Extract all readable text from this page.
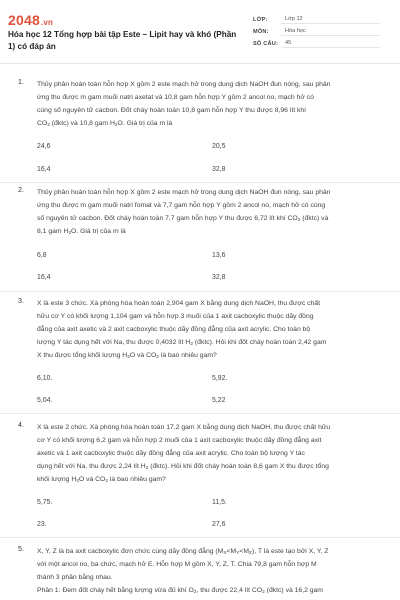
2048.vn
Hóa học 12 Tổng hợp bài tập Este – Lipit hay và khó (Phần 1) có đáp án
LỚP:	Lớp 12
MÔN:	Hóa học
SỐ CÂU:	45
1. Thủy phân hoàn toàn hỗn hợp X gồm 2 este mạch hở trong dung dịch NaOH đun nóng, sau phản
ứng thu được m gam muối natri axetat và 10,8 gam hỗn hợp Y gồm 2 ancol no, mạch hở có
cùng số nguyên tử cacbon. Đốt cháy hoàn toàn 10,8 gam hỗn hợp Y thu được 8,96 lít khí
$CO_2$ (đktc) và 10,8 gam $H_2O$. Giá trị của m là
24,6	20,5
16,4	32,8
2. Thủy phân hoàn toàn hỗn hợp X gồm 2 este mạch hở trong dung dịch NaOH đun nóng, sau phản
ứng thu được m gam muối natri fomat và 7,7 gam hỗn hợp Y gồm 2 ancol no, mạch hở có cùng
số nguyên tử cacbon. Đốt cháy hoàn toàn 7,7 gam hỗn hợp Y thu được 6,72 lít khí $CO_2$ (đktc) và
8,1 gam $H_2O$. Giá trị của m là
6,8	13,6
16,4	32,8
3. X là este 3 chức. Xà phòng hóa hoàn toàn 2,904 gam X bằng dung dịch NaOH, thu được chất
hữu cơ Y có khối lượng 1,104 gam và hỗn hợp 3 muối của 1 axit cacboxylic thuộc dãy đồng
đẳng của axit axetic và 2 axit cacboxylic thuộc dãy đồng đẳng của axit acrylic. Cho toàn bộ
lượng Y tác dụng hết với Na, thu được 0,4032 lít $H_2$ (đktc). Hỏi khi đốt cháy hoàn toàn 2,42 gam
X thu được tổng khối lượng $H_2O$ và $CO_2$ là bao nhiêu gam?
6,10.	5,92.
5,04.	5,22
4. X là este 2 chức. Xà phòng hóa hoàn toàn 17,2 gam X bằng dung dịch NaOH, thu được chất hữu
cơ Y có khối lượng 6,2 gam và hỗn hợp 2 muối của 1 axit cacboxylic thuộc dãy đồng đẳng axit
axetic và 1 axit cacboxylic thuộc dãy đồng đẳng của axit acrylic. Cho toàn bộ lượng Y tác
dụng hết với Na, thu được 2,24 lít $H_2$ (đktc). Hỏi khi đốt cháy hoàn toàn 8,6 gam X thu được tổng
khối lượng $H_2O$ và $CO_2$ là bao nhiêu gam?
5,75.	11,5.
23.	27,6
5. X, Y, Z là ba axit cacboxylic đơn chức cùng dãy đồng đẳng $(M_X<M_Y<M_Z)$, T là este tạo bởi X, Y, Z
với một ancol no, ba chức, mạch hở E. Hỗn hợp M gồm X, Y, Z, T. Chia 79,8 gam hỗn hợp M
thành 3 phần bằng nhau.
Phần 1: Đem đốt cháy hết bằng lượng vừa đủ khí $O_2$, thu được 22,4 lít $CO_2$ (đktc) và 16,2 gam
